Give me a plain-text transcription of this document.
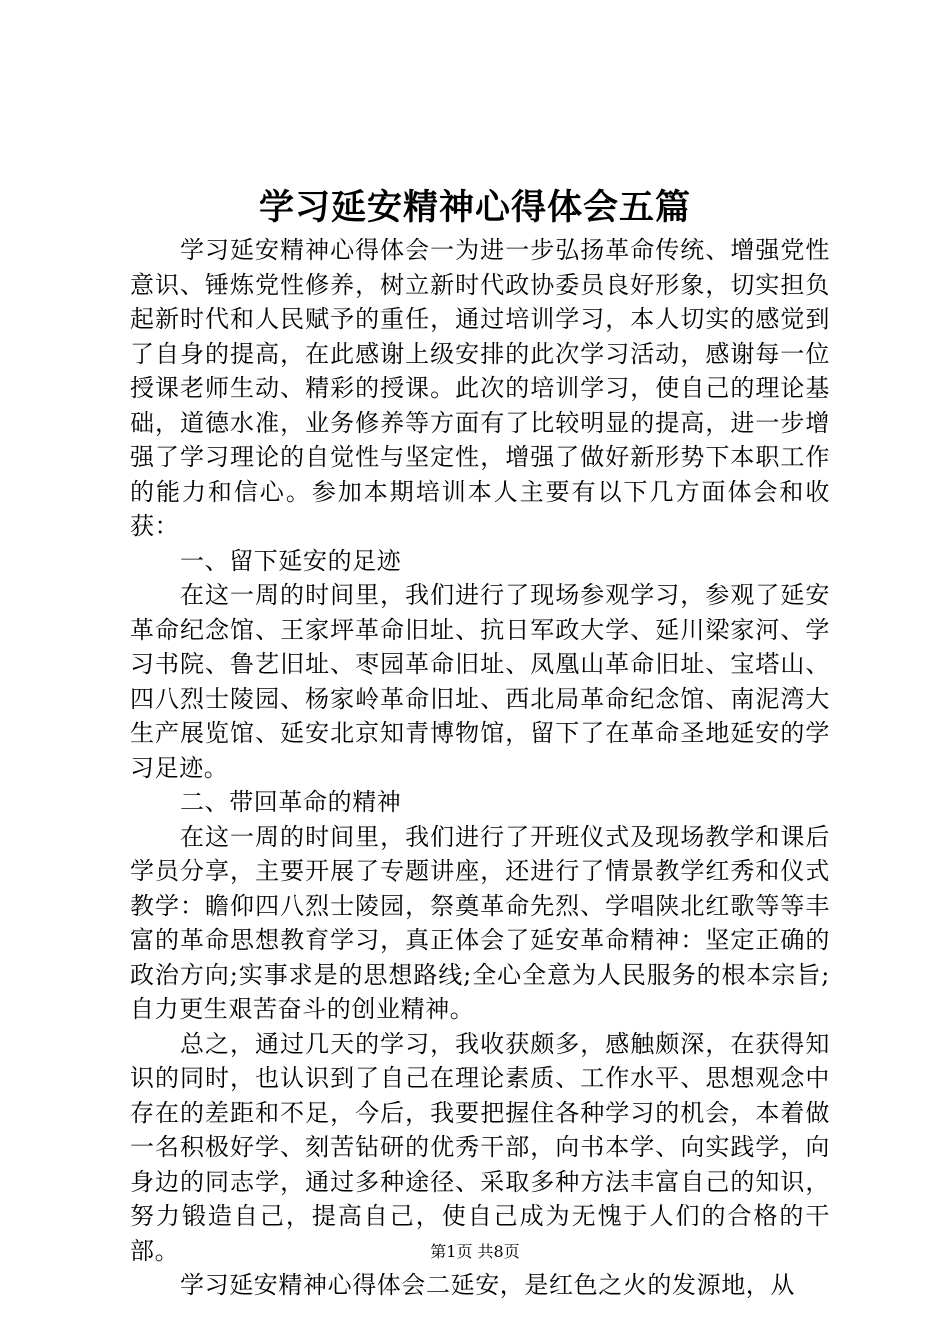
学习延安精神心得体会五篇

学习延安精神心得体会一为进一步弘扬革命传统、增强党性意识、锤炼党性修养，树立新时代政协委员良好形象，切实担负起新时代和人民赋予的重任，通过培训学习，本人切实的感觉到了自身的提高，在此感谢上级安排的此次学习活动，感谢每一位授课老师生动、精彩的授课。此次的培训学习，使自己的理论基础，道德水准，业务修养等方面有了比较明显的提高，进一步增强了学习理论的自觉性与坚定性，增强了做好新形势下本职工作的能力和信心。参加本期培训本人主要有以下几方面体会和收获：

一、留下延安的足迹

在这一周的时间里，我们进行了现场参观学习，参观了延安革命纪念馆、王家坪革命旧址、抗日军政大学、延川梁家河、学习书院、鲁艺旧址、枣园革命旧址、凤凰山革命旧址、宝塔山、四八烈士陵园、杨家岭革命旧址、西北局革命纪念馆、南泥湾大生产展览馆、延安北京知青博物馆，留下了在革命圣地延安的学习足迹。

二、带回革命的精神

在这一周的时间里，我们进行了开班仪式及现场教学和课后学员分享，主要开展了专题讲座，还进行了情景教学红秀和仪式教学：瞻仰四八烈士陵园，祭奠革命先烈、学唱陕北红歌等等丰富的革命思想教育学习，真正体会了延安革命精神：坚定正确的政治方向;实事求是的思想路线;全心全意为人民服务的根本宗旨;自力更生艰苦奋斗的创业精神。

总之，通过几天的学习，我收获颇多，感触颇深，在获得知识的同时，也认识到了自己在理论素质、工作水平、思想观念中存在的差距和不足，今后，我要把握住各种学习的机会，本着做一名积极好学、刻苦钻研的优秀干部，向书本学、向实践学，向身边的同志学，通过多种途径、采取多种方法丰富自己的知识，努力锻造自己，提高自己，使自己成为无愧于人们的合格的干部。

学习延安精神心得体会二延安，是红色之火的发源地，从

第1页 共8页
